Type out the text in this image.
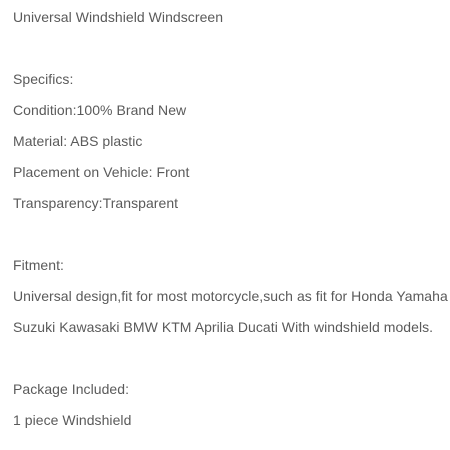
Universal Windshield Windscreen
Specifics:
Condition:100% Brand New
Material: ABS plastic
Placement on Vehicle: Front
Transparency:Transparent
Fitment:
Universal design,fit for most motorcycle,such as fit for Honda Yamaha
Suzuki Kawasaki BMW KTM Aprilia Ducati With windshield models.
Package Included:
1 piece Windshield
